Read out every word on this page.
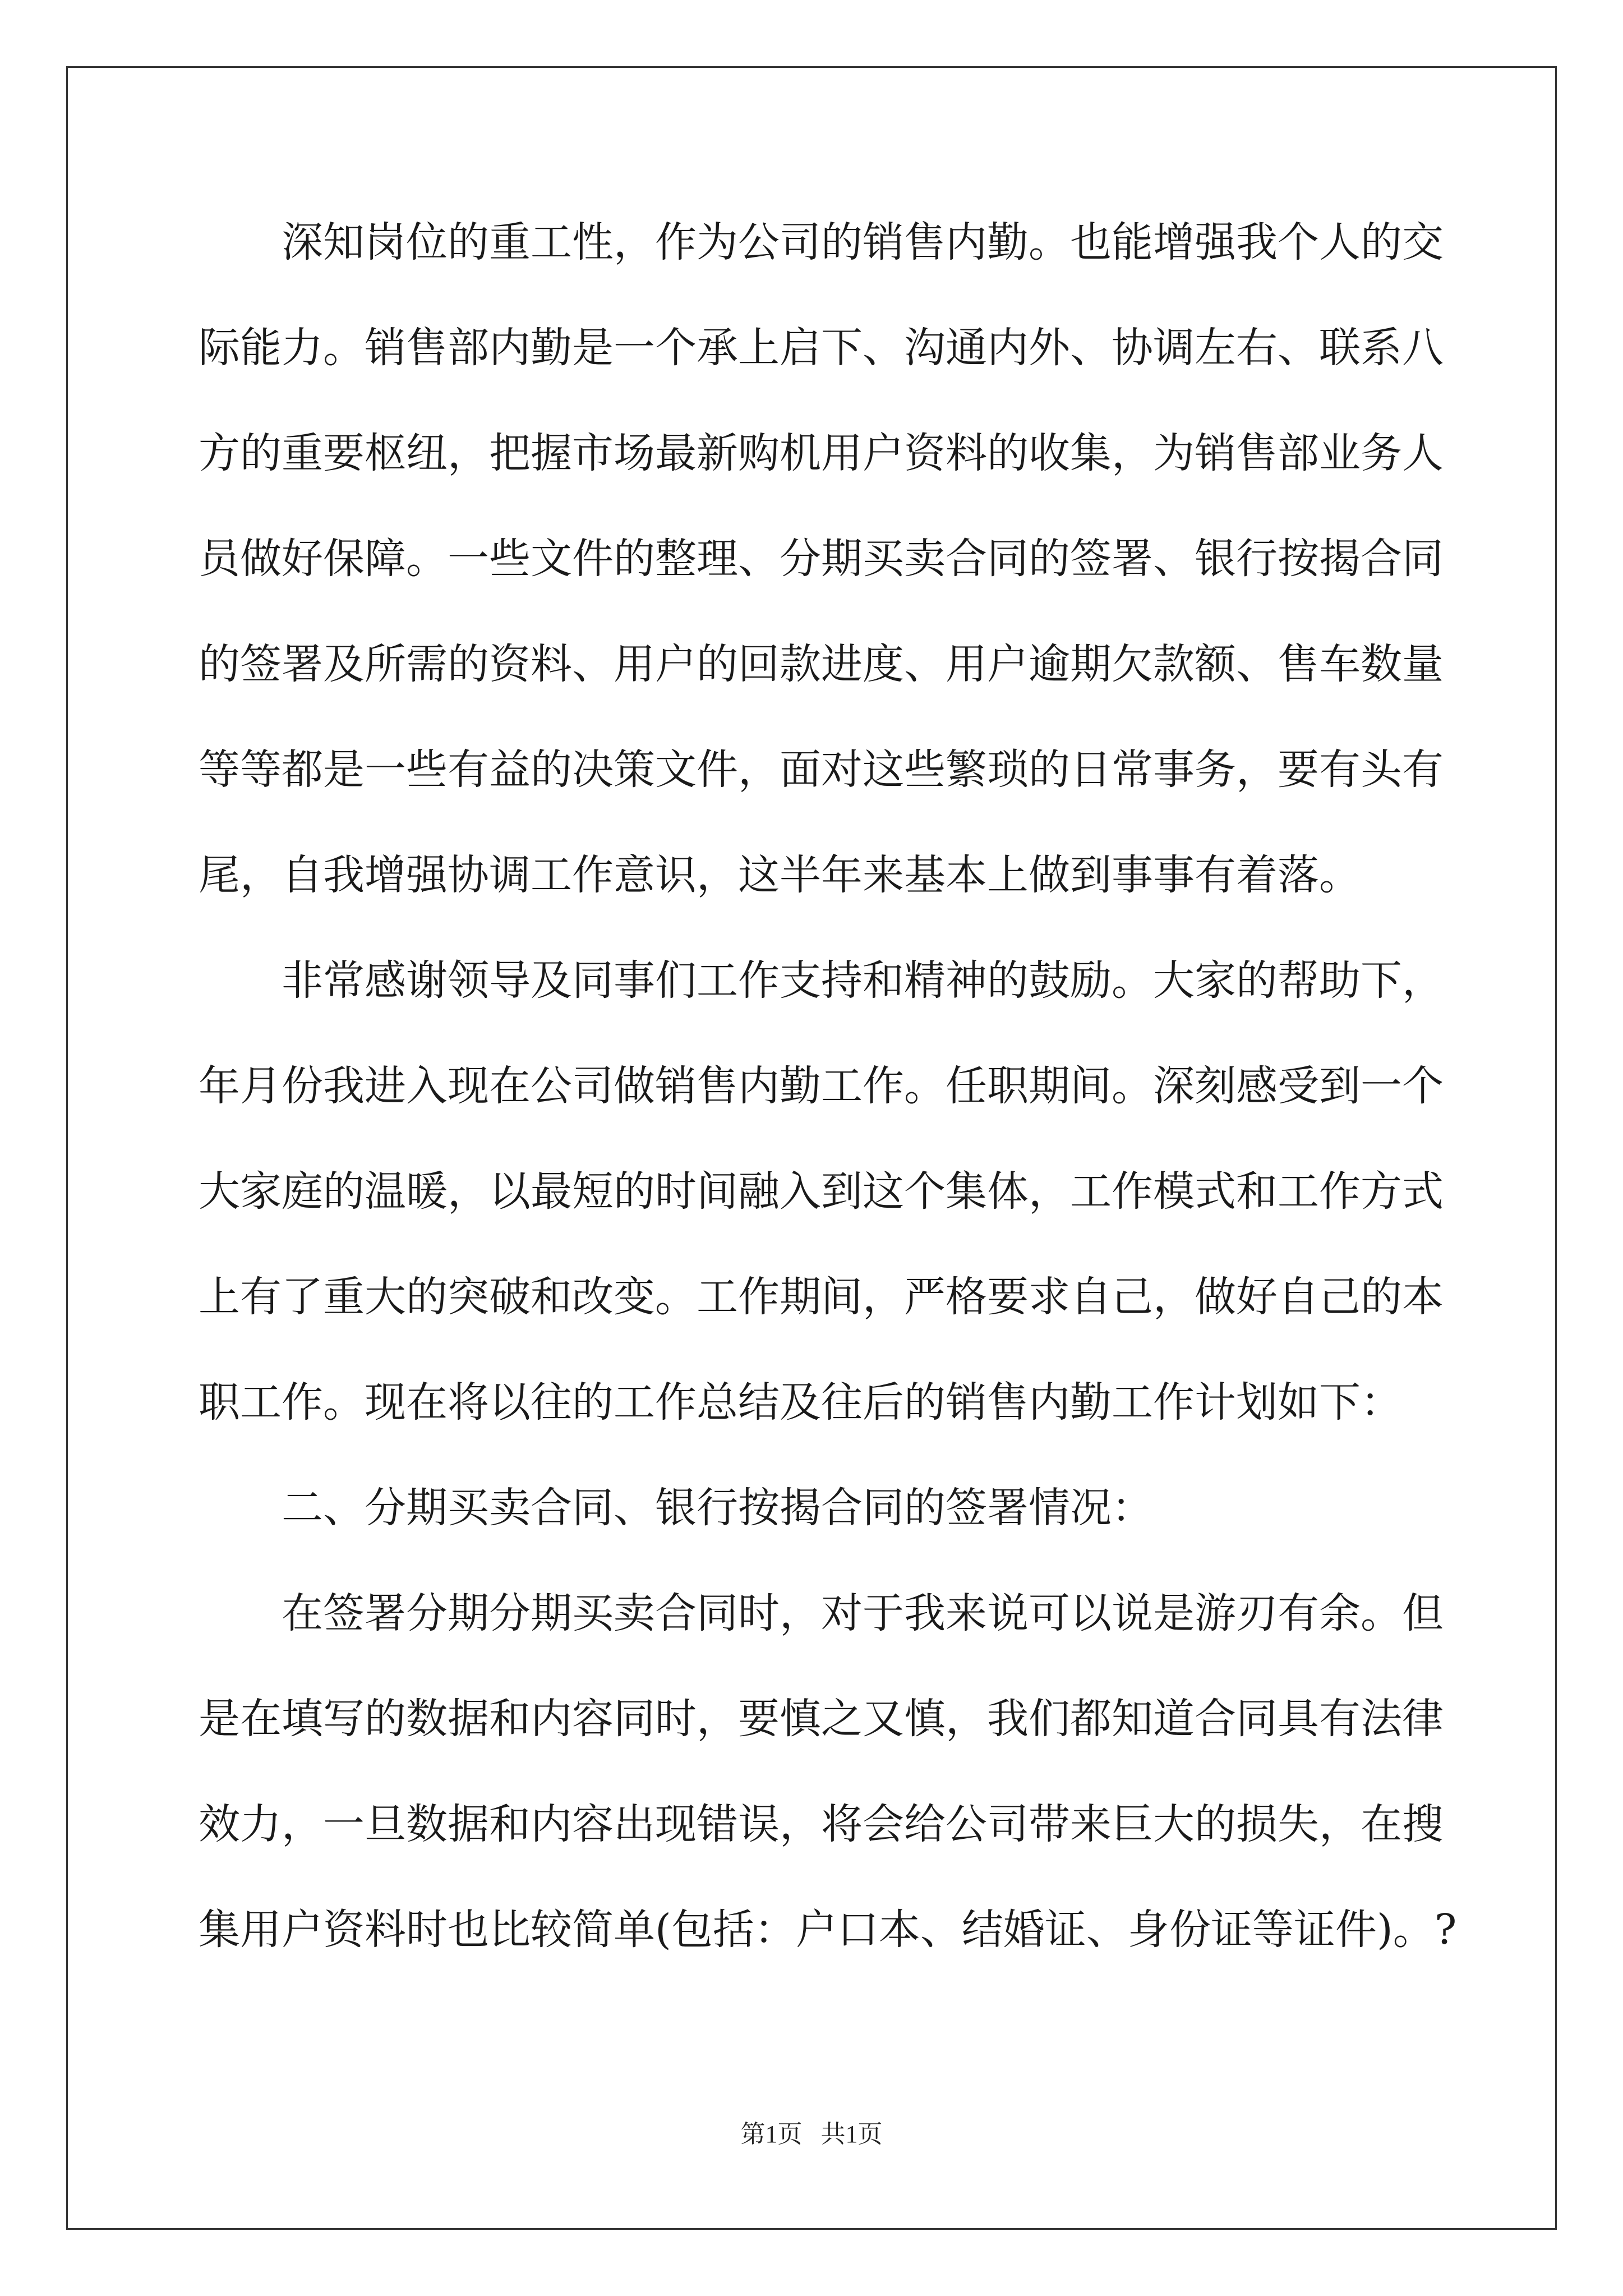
深知岗位的重工性，作为公司的销售内勤。也能增强我个人的交
际能力。销售部内勤是一个承上启下、沟通内外、协调左右、联系八
方的重要枢纽，把握市场最新购机用户资料的收集，为销售部业务人
员做好保障。一些文件的整理、分期买卖合同的签署、银行按揭合同
的签署及所需的资料、用户的回款进度、用户逾期欠款额、售车数量
等等都是一些有益的决策文件，面对这些繁琐的日常事务，要有头有
尾，自我增强协调工作意识，这半年来基本上做到事事有着落。
非常感谢领导及同事们工作支持和精神的鼓励。大家的帮助下，
年月份我进入现在公司做销售内勤工作。任职期间。深刻感受到一个
大家庭的温暖，以最短的时间融入到这个集体，工作模式和工作方式
上有了重大的突破和改变。工作期间，严格要求自己，做好自己的本
职工作。现在将以往的工作总结及往后的销售内勤工作计划如下：
二、分期买卖合同、银行按揭合同的签署情况：
在签署分期分期买卖合同时，对于我来说可以说是游刃有余。但
是在填写的数据和内容同时，要慎之又慎，我们都知道合同具有法律
效力，一旦数据和内容出现错误，将会给公司带来巨大的损失，在搜
集用户资料时也比较简单(包括：户口本、结婚证、身份证等证件)。?
第1页   共1页
